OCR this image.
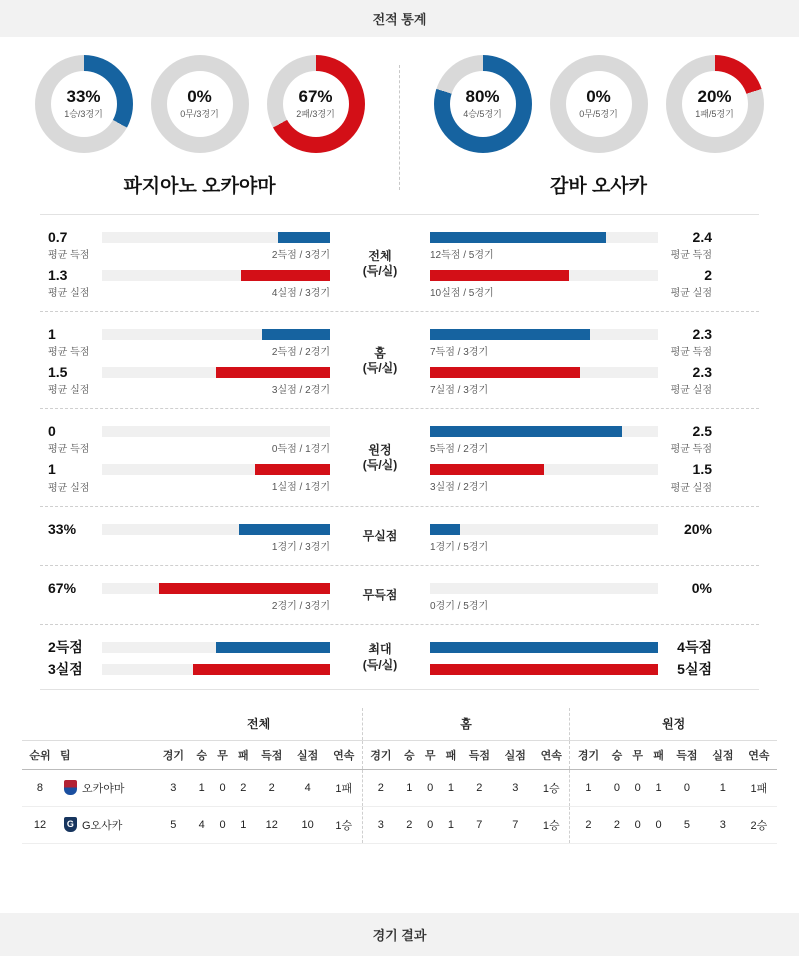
전적 통계
33%
1승/3경기
0%
0무/3경기
67%
2패/3경기
파지아노 오카야마
80%
4승/5경기
0%
0무/5경기
20%
1패/5경기
감바 오사카
0.7
평균 득점	2득점 / 3경기
1.3
평균 실점	4실점 / 3경기
전체
(득/실)
2.4
평균 득점
12득점 / 5경기
2
평균 실점
10실점 / 5경기
1
평균 득점	2득점 / 2경기
1.5
평균 실점	3실점 / 2경기
홈
(득/실)
2.3
평균 득점
7득점 / 3경기
2.3
평균 실점
7실점 / 3경기
0
평균 득점	0득점 / 1경기
1
평균 실점	1실점 / 1경기
원정
(득/실)
2.5
평균 득점
5득점 / 2경기
1.5
평균 실점
3실점 / 2경기
33%
1경기 / 3경기
무실점	20%
1경기 / 5경기
67%
2경기 / 3경기
무득점	0%
0경기 / 5경기
2득점
3실점
최대
(득/실)
4득점
5실점
		전체							홈							원정						
순위	팀	경기	승	무	패	득점	실점	연속	경기	승	무	패	득점	실점	연속	경기	승	무	패	득점	실점	연속
8	오카야마	3	1	0	2	2	4	1패	2	1	0	1	2	3	1승	1	0	0	1	0	1	1패
12	GG오사카	5	4	0	1	12	10	1승	3	2	0	1	7	7	1승	2	2	0	0	5	3	2승
경기 결과
